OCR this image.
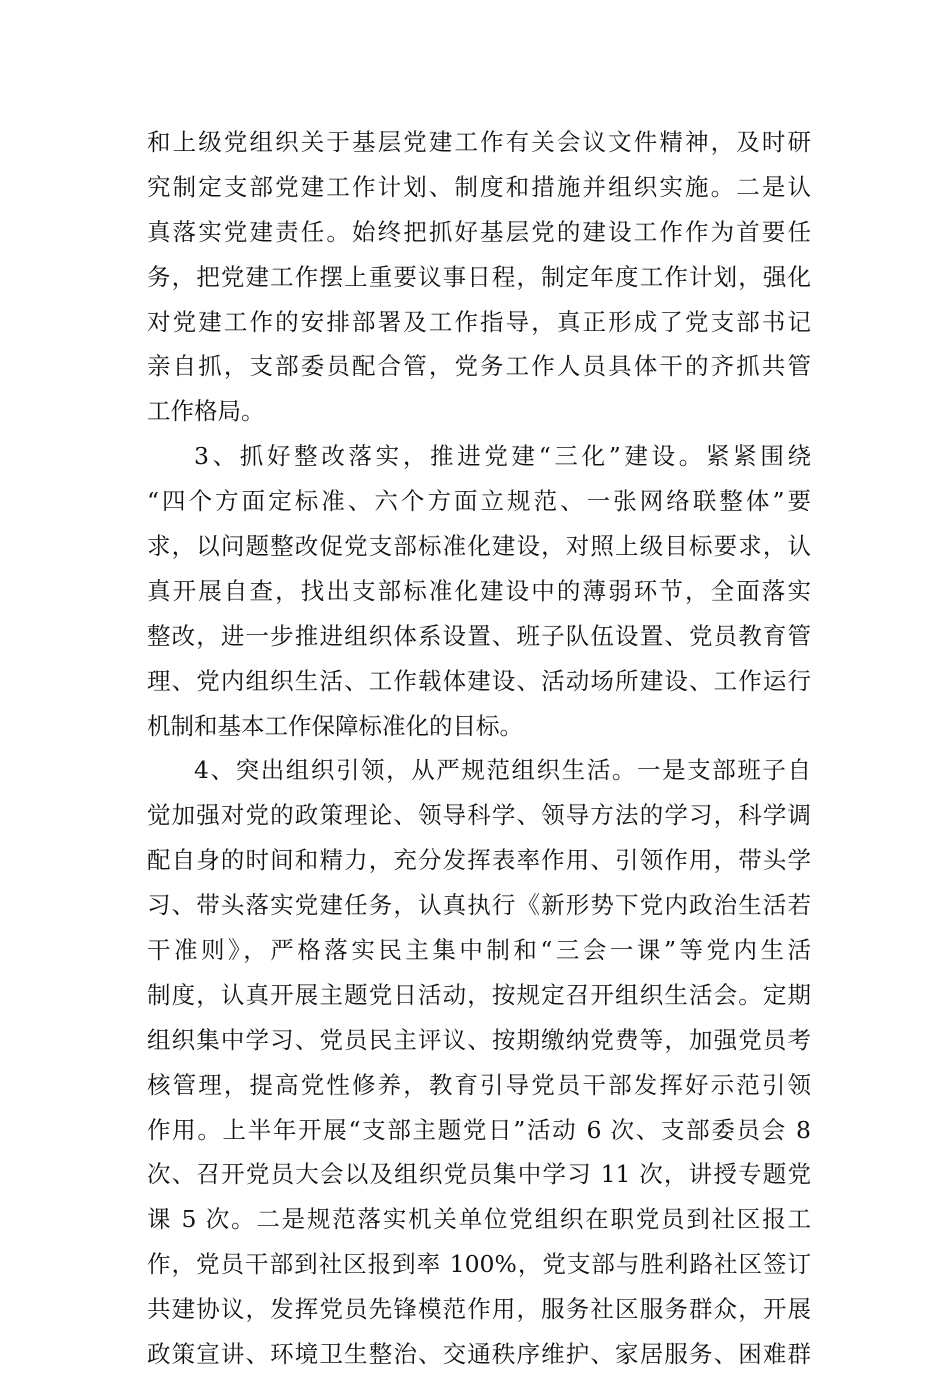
和上级党组织关于基层党建工作有关会议文件精神，及时研
究制定支部党建工作计划、制度和措施并组织实施。二是认
真落实党建责任。始终把抓好基层党的建设工作作为首要任
务，把党建工作摆上重要议事日程，制定年度工作计划，强化
对党建工作的安排部署及工作指导，真正形成了党支部书记
亲自抓，支部委员配合管，党务工作人员具体干的齐抓共管
工作格局。
3、抓好整改落实，推进党建“三化”建设。紧紧围绕
“四个方面定标准、六个方面立规范、一张网络联整体”要
求，以问题整改促党支部标准化建设，对照上级目标要求，认
真开展自查，找出支部标准化建设中的薄弱环节，全面落实
整改，进一步推进组织体系设置、班子队伍设置、党员教育管
理、党内组织生活、工作载体建设、活动场所建设、工作运行
机制和基本工作保障标准化的目标。
4、突出组织引领，从严规范组织生活。一是支部班子自
觉加强对党的政策理论、领导科学、领导方法的学习，科学调
配自身的时间和精力，充分发挥表率作用、引领作用，带头学
习、带头落实党建任务，认真执行《新形势下党内政治生活若
干准则》，严格落实民主集中制和“三会一课”等党内生活
制度，认真开展主题党日活动，按规定召开组织生活会。定期
组织集中学习、党员民主评议、按期缴纳党费等，加强党员考
核管理，提高党性修养，教育引导党员干部发挥好示范引领
作用。上半年开展“支部主题党日”活动 6 次、支部委员会 8
次、召开党员大会以及组织党员集中学习 11 次，讲授专题党
课 5 次。二是规范落实机关单位党组织在职党员到社区报工
作，党员干部到社区报到率 100%，党支部与胜利路社区签订
共建协议，发挥党员先锋模范作用，服务社区服务群众，开展
政策宣讲、环境卫生整治、交通秩序维护、家居服务、困难群
